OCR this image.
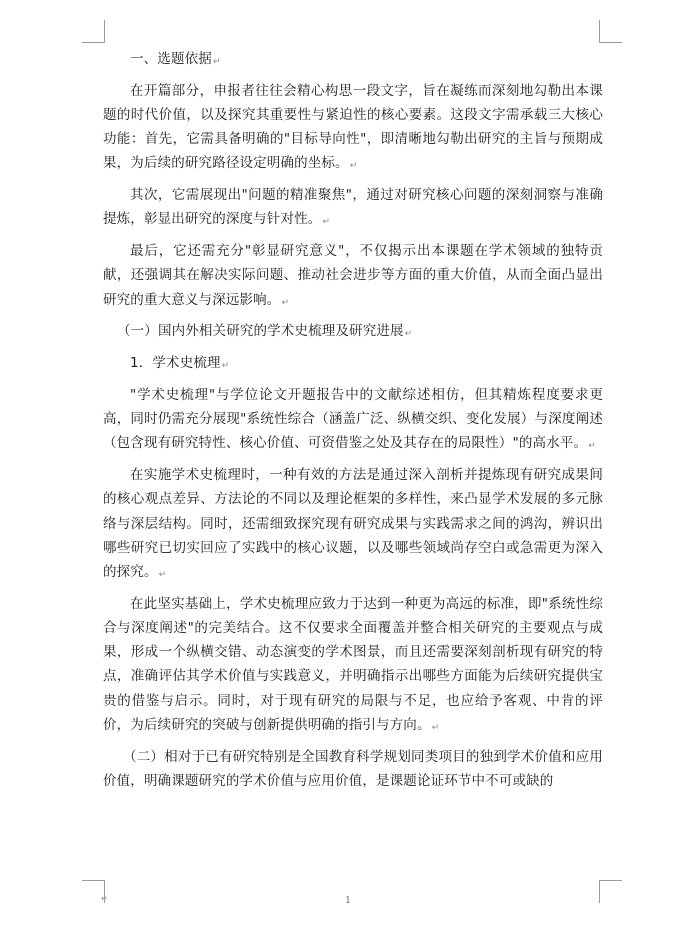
一、选题依据↵

在开篇部分，申报者往往会精心构思一段文字，旨在凝练而深刻地勾勒出本课题的时代价值，以及探究其重要性与紧迫性的核心要素。这段文字需承载三大核心功能：首先，它需具备明确的"目标导向性"，即清晰地勾勒出研究的主旨与预期成果，为后续的研究路径设定明确的坐标。↵

其次，它需展现出"问题的精准聚焦"，通过对研究核心问题的深刻洞察与准确提炼，彰显出研究的深度与针对性。↵

最后，它还需充分"彰显研究意义"，不仅揭示出本课题在学术领域的独特贡献，还强调其在解决实际问题、推动社会进步等方面的重大价值，从而全面凸显出研究的重大意义与深远影响。↵

（一）国内外相关研究的学术史梳理及研究进展↵

1．学术史梳理↵

"学术史梳理"与学位论文开题报告中的文献综述相仿，但其精炼程度要求更高，同时仍需充分展现"系统性综合（涵盖广泛、纵横交织、变化发展）与深度阐述（包含现有研究特性、核心价值、可资借鉴之处及其存在的局限性）"的高水平。↵

在实施学术史梳理时，一种有效的方法是通过深入剖析并提炼现有研究成果间的核心观点差异、方法论的不同以及理论框架的多样性，来凸显学术发展的多元脉络与深层结构。同时，还需细致探究现有研究成果与实践需求之间的鸿沟，辨识出哪些研究已切实回应了实践中的核心议题，以及哪些领域尚存空白或急需更为深入的探究。↵

在此坚实基础上，学术史梳理应致力于达到一种更为高远的标准，即"系统性综合与深度阐述"的完美结合。这不仅要求全面覆盖并整合相关研究的主要观点与成果，形成一个纵横交错、动态演变的学术图景，而且还需要深刻剖析现有研究的特点，准确评估其学术价值与实践意义，并明确指示出哪些方面能为后续研究提供宝贵的借鉴与启示。同时，对于现有研究的局限与不足，也应给予客观、中肯的评价，为后续研究的突破与创新提供明确的指引与方向。↵

（二）相对于已有研究特别是全国教育科学规划同类项目的独到学术价值和应用价值，明确课题研究的学术价值与应用价值，是课题论证环节中不可或缺的

↵	1
